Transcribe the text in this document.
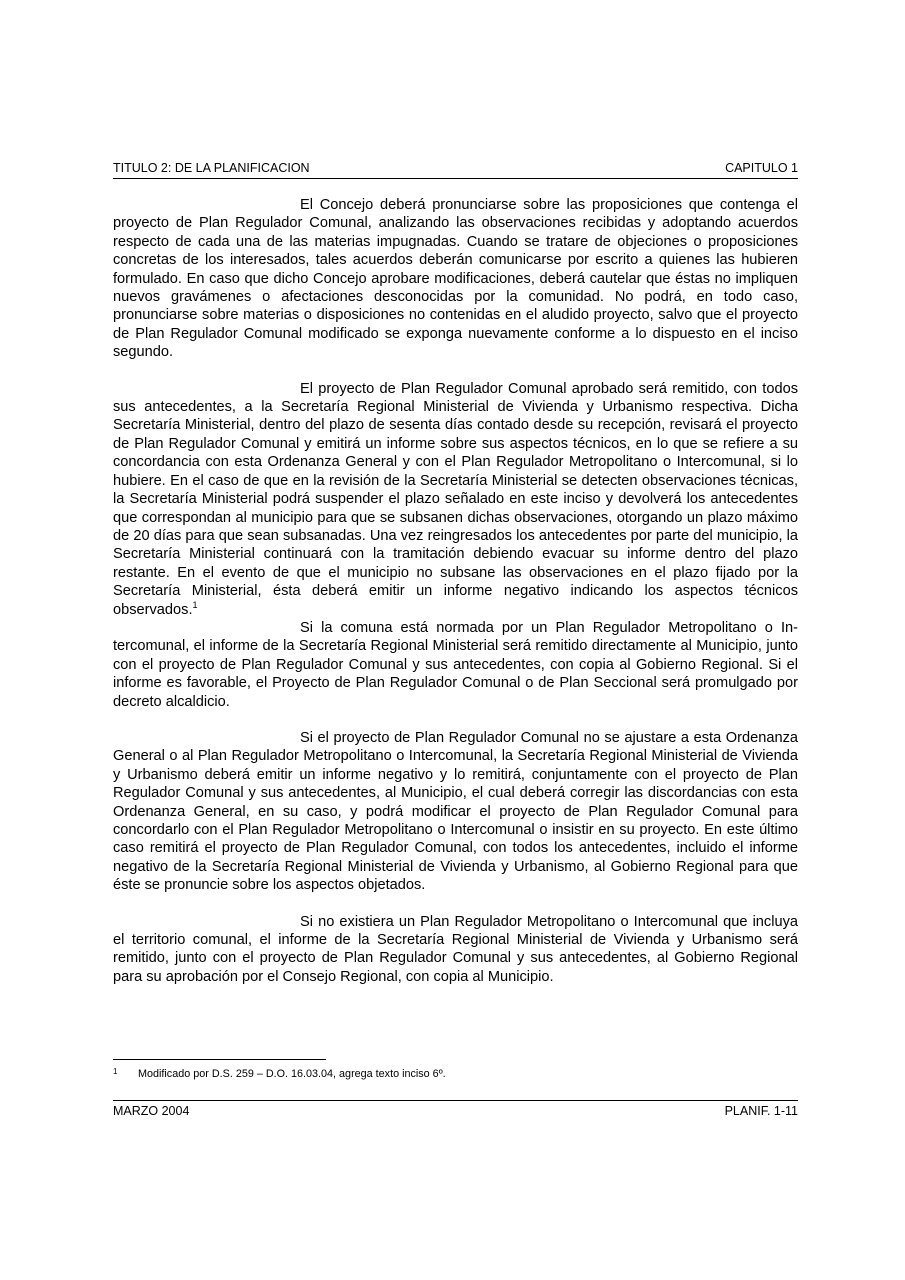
TITULO 2: DE LA PLANIFICACION	CAPITULO 1

El Concejo deberá pronunciarse sobre las proposiciones que contenga el proyecto de Plan Regulador Comunal, analizando las observaciones recibidas y adoptando acuerdos respecto de cada una de las materias impugnadas. Cuando se tratare de objeciones o proposiciones concretas de los interesados, tales acuerdos deberán comunicarse por escrito a quienes las hubieren formulado. En caso que dicho Concejo aprobare modificaciones, deberá cautelar que éstas no impliquen nuevos gravámenes o afectaciones desconocidas por la comunidad. No podrá, en todo caso, pronunciarse sobre materias o disposiciones no contenidas en el aludido proyecto, salvo que el proyecto de Plan Regulador Comunal modificado se exponga nuevamente conforme a lo dispuesto en el inciso segundo.

El proyecto de Plan Regulador Comunal aprobado será remitido, con todos sus antecedentes, a la Secretaría Regional Ministerial de Vivienda y Urbanismo respectiva. Dicha Secretaría Ministerial, dentro del plazo de sesenta días contado desde su recepción, revisará el proyecto de Plan Regulador Comunal y emitirá un informe sobre sus aspectos técnicos, en lo que se refiere a su concordancia con esta Ordenanza General y con el Plan Regulador Metropolitano o Intercomunal, si lo hubiere. En el caso de que en la revisión de la Secretaría Ministerial se detecten observaciones técnicas, la Secretaría Ministerial podrá suspender el plazo señalado en este inciso y devolverá los antecedentes que correspondan al municipio para que se subsanen dichas observaciones, otorgando un plazo máximo de 20 días para que sean subsanadas. Una vez reingresados los antecedentes por parte del municipio, la Secretaría Ministerial continuará con la tramitación debiendo evacuar su informe dentro del plazo restante. En el evento de que el municipio no subsane las observaciones en el plazo fijado por la Secretaría Ministerial, ésta deberá emitir un informe negativo indicando los aspectos técnicos observados.$^1$

Si la comuna está normada por un Plan Regulador Metropolitano o Intercomunal, el informe de la Secretaría Regional Ministerial será remitido directamente al Municipio, junto con el proyecto de Plan Regulador Comunal y sus antecedentes, con copia al Gobierno Regional. Si el informe es favorable, el Proyecto de Plan Regulador Comunal o de Plan Seccional será promulgado por decreto alcaldicio.

Si el proyecto de Plan Regulador Comunal no se ajustare a esta Ordenanza General o al Plan Regulador Metropolitano o Intercomunal, la Secretaría Regional Ministerial de Vivienda y Urbanismo deberá emitir un informe negativo y lo remitirá, conjuntamente con el proyecto de Plan Regulador Comunal y sus antecedentes, al Municipio, el cual deberá corregir las discordancias con esta Ordenanza General, en su caso, y podrá modificar el proyecto de Plan Regulador Comunal para concordarlo con el Plan Regulador Metropolitano o Intercomunal o insistir en su proyecto. En este último caso remitirá el proyecto de Plan Regulador Comunal, con todos los antecedentes, incluido el informe negativo de la Secretaría Regional Ministerial de Vivienda y Urbanismo, al Gobierno Regional para que éste se pronuncie sobre los aspectos objetados.

Si no existiera un Plan Regulador Metropolitano o Intercomunal que incluya el territorio comunal, el informe de la Secretaría Regional Ministerial de Vivienda y Urbanismo será remitido, junto con el proyecto de Plan Regulador Comunal y sus antecedentes, al Gobierno Regional para su aprobación por el Consejo Regional, con copia al Municipio.

1 Modificado por D.S. 259 – D.O. 16.03.04, agrega texto inciso 6º.
MARZO 2004	PLANIF. 1-11
